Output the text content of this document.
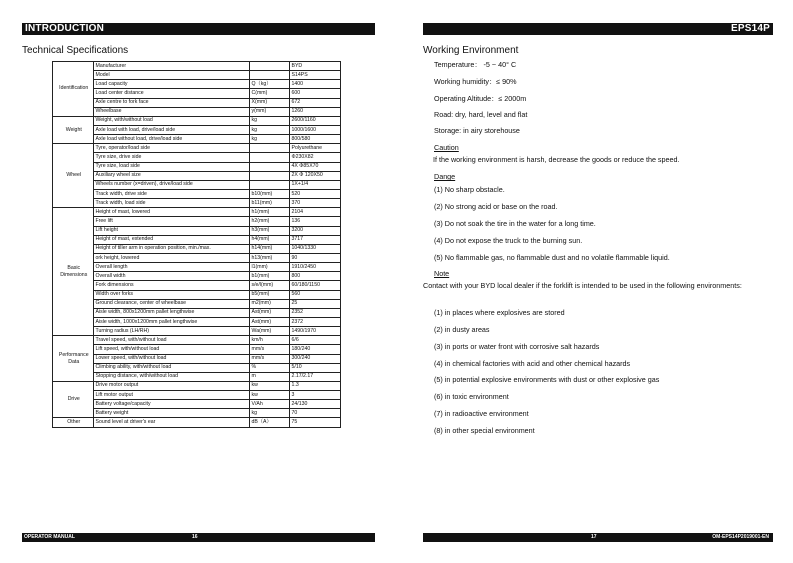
INTRODUCTION
Technical Specifications
Identification	Manufacturer		BYD
	Model		S14PS
	Load capacity	Q（kg）	1400
	Load center distance	C(mm)	600
	Axle centre to fork face	X(mm)	672
	Wheelbase	y(mm)	1260
Weight	Weight, with/without load	kg	2600/1160
	Axle load with load, drive/load side	kg	1000/1600
	Axle load without load, drive/load side	kg	800/580
Wheel	Tyre, operator/load side		Polyurethane
	Tyre size, drive side		Φ230X82
	Tyre size, load side		4X Φ85X70
	Auxiliary wheel size		2X Φ 120X50
	Wheels number (x=driven), drive/load side		1X+1/4
	Track width, drive side	b10(mm)	520
	Track width, load side	b11(mm)	370
Basic Dimensions	Height of mast, lowered	h1(mm)	2104
	Free lift	h2(mm)	136
	Lift height	h3(mm)	3200
	Height of mast, extended	h4(mm)	3717
	Height of tiller arm in operation position, min./max.	h14(mm)	1040/1330
	ork height, lowered	h13(mm)	90
	Overall length	l1(mm)	1910/2450
	Overall width	b1(mm)	800
	Fork dimensions	s/e/l(mm)	60/180/1150
	Width over forks	b5(mm)	560
	Ground clearance, center of wheelbase	m2(mm)	25
	Aisle width, 800x1200mm pallet lengthwise	Ast(mm)	2352
	Aisle width, 1000x1200mm pallet lengthwise	Ast(mm)	2372
	Turning radius (LH/RH)	Wa(mm)	1490/1970
Performance Data	Travel speed, with/without load	km/h	6/6
	Lift speed, with/without load	mm/s	180/240
	Lower speed, with/without load	mm/s	300/240
	Climbing ability, with/without load	%	5/10
	Stopping distance, with/without load	m	2.17/2.17
Drive	Drive motor output	kw	1.3
	Lift motor output	kw	3
	Battery voltage/capacity	V/Ah	24/130
	Battery weight	kg	70
Other	Sound level at driver's ear	dB（A）	75
OPERATOR MANUAL	16
EPS14P
Working Environment
Temperature： -5 ~ 40° C
Working humidity：≤ 90%
Operating Altitude：≤ 2000m
Road: dry, hard, level and flat
Storage: in airy storehouse
Caution
If the working environment is harsh, decrease the goods or reduce the speed.
Dange
(1) No sharp obstacle.
(2) No strong acid or base on the road.
(3) Do not soak the tire in the water for a long time.
(4) Do not expose the truck to the burning sun.
(5) No flammable gas, no flammable dust and no volatile flammable liquid.
Note
Contact with your BYD local dealer if the forklift is intended to be used in the following environments:
(1) in places where explosives are stored
(2) in dusty areas
(3) in ports or water front with corrosive salt hazards
(4) in chemical factories with acid and other chemical hazards
(5) in potential explosive environments with dust or other explosive gas
(6) in toxic environment
(7) in radioactive environment
(8) in other special environment
17	OM-EPS14P2019001-EN
